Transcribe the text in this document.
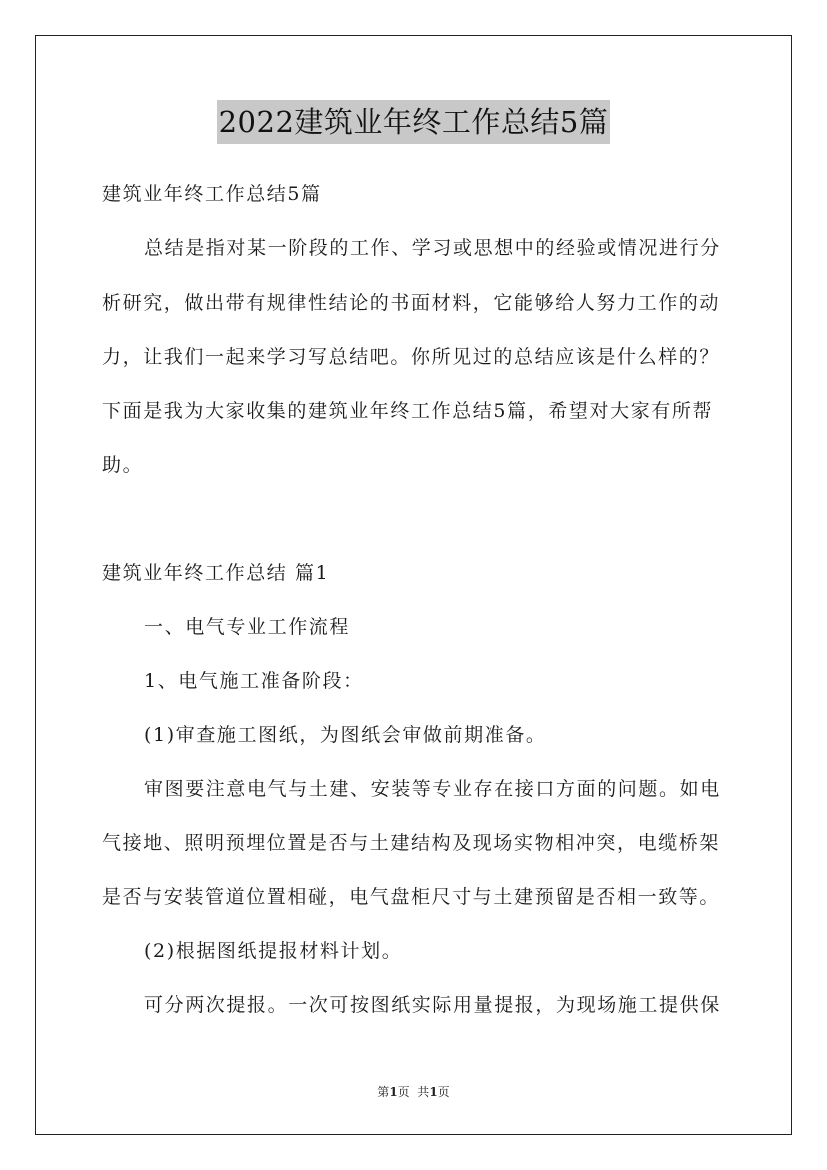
2022建筑业年终工作总结5篇
建筑业年终工作总结5篇
总结是指对某一阶段的工作、学习或思想中的经验或情况进行分
析研究，做出带有规律性结论的书面材料，它能够给人努力工作的动
力，让我们一起来学习写总结吧。你所见过的总结应该是什么样的？
下面是我为大家收集的建筑业年终工作总结5篇，希望对大家有所帮
助。
建筑业年终工作总结 篇1
一、电气专业工作流程
1、电气施工准备阶段：
(1)审查施工图纸，为图纸会审做前期准备。
审图要注意电气与土建、安装等专业存在接口方面的问题。如电
气接地、照明预埋位置是否与土建结构及现场实物相冲突，电缆桥架
是否与安装管道位置相碰，电气盘柜尺寸与土建预留是否相一致等。
(2)根据图纸提报材料计划。
可分两次提报。一次可按图纸实际用量提报，为现场施工提供保
第1页  共1页
